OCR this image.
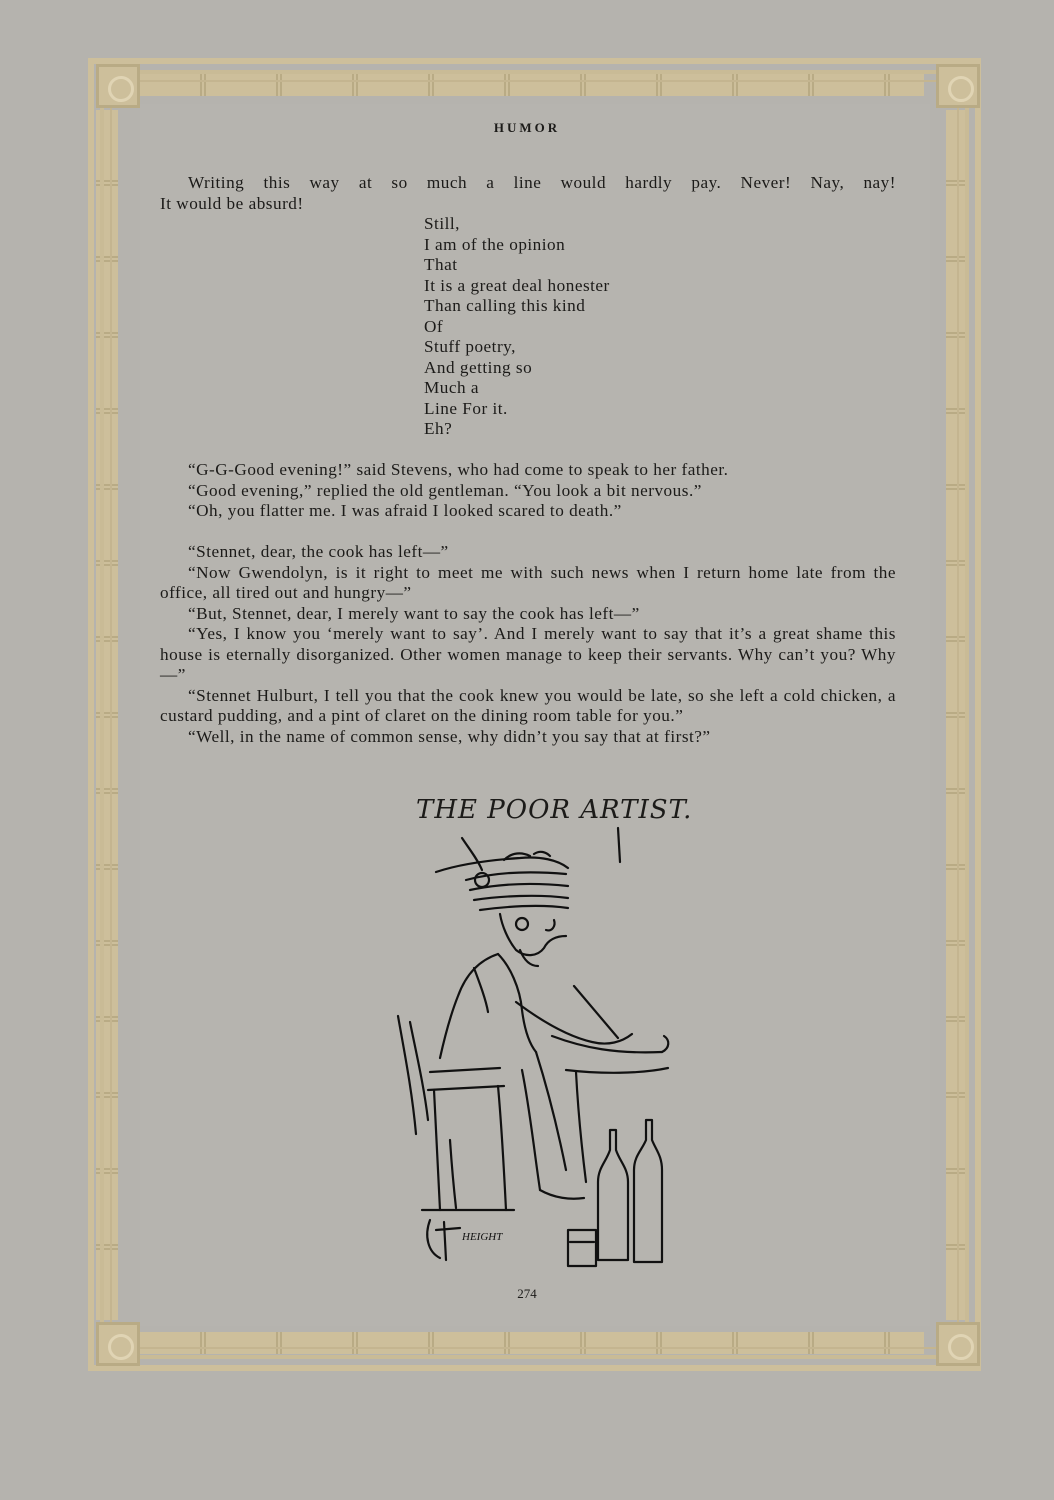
HUMOR

Writing this way at so much a line would hardly pay. Never! Nay, nay!

It would be absurd!

Still,
I am of the opinion
That
It is a great deal honester
Than calling this kind
Of
Stuff poetry,
And getting so
Much a
Line For it.
Eh?

“G-G-Good evening!” said Stevens, who had come to speak to her father.

“Good evening,” replied the old gentleman. “You look a bit nervous.”

“Oh, you flatter me. I was afraid I looked scared to death.”

“Stennet, dear, the cook has left—”

“Now Gwendolyn, is it right to meet me with such news when I return home late from the office, all tired out and hungry—”

“But, Stennet, dear, I merely want to say the cook has left—”

“Yes, I know you ‘merely want to say’. And I merely want to say that it’s a great shame this house is eternally disorganized. Other women manage to keep their servants. Why can’t you? Why—”

“Stennet Hulburt, I tell you that the cook knew you would be late, so she left a cold chicken, a custard pudding, and a pint of claret on the dining room table for you.”

“Well, in the name of common sense, why didn’t you say that at first?”

THE POOR ARTIST.
HEIGHT
274
